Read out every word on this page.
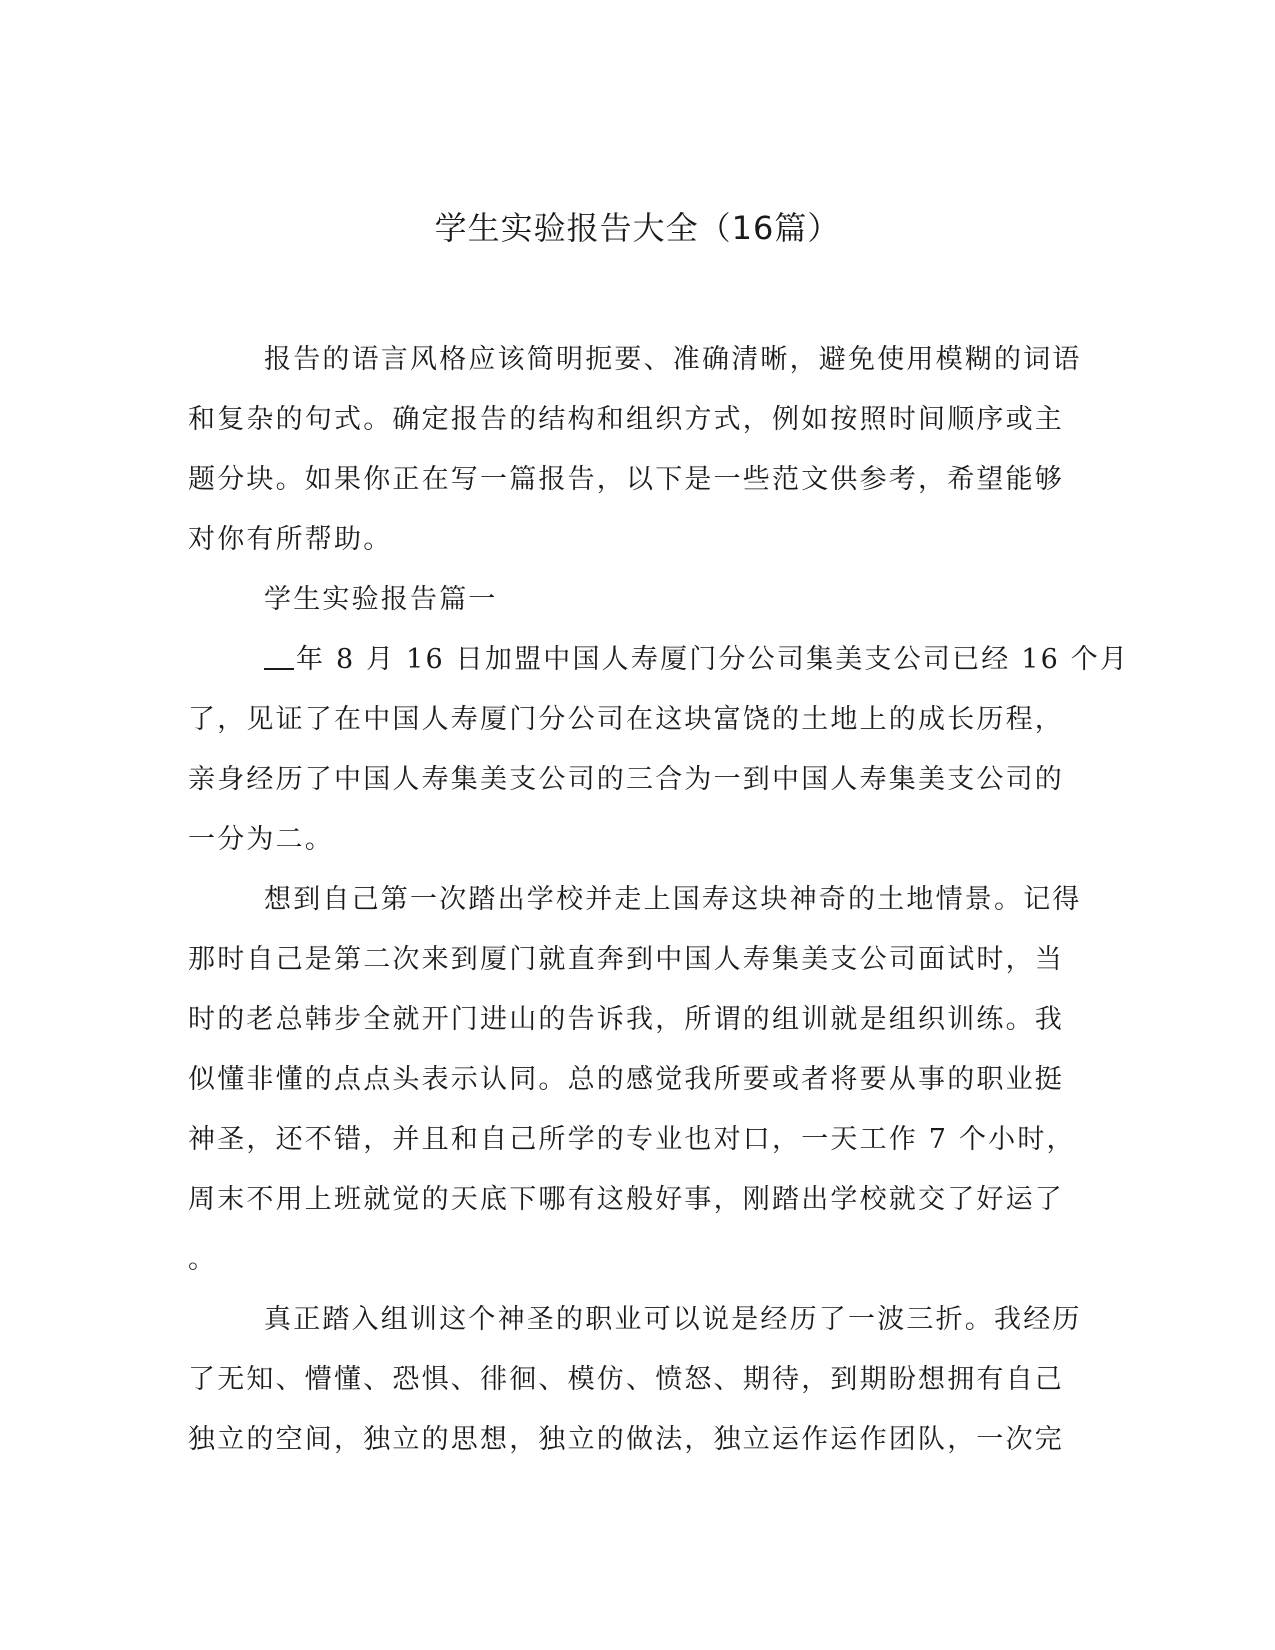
学生实验报告大全（16篇）
报告的语言风格应该简明扼要、准确清晰，避免使用模糊的词语
和复杂的句式。确定报告的结构和组织方式，例如按照时间顺序或主
题分块。如果你正在写一篇报告，以下是一些范文供参考，希望能够
对你有所帮助。
学生实验报告篇一
年 8 月 16 日加盟中国人寿厦门分公司集美支公司已经 16 个月
了，见证了在中国人寿厦门分公司在这块富饶的土地上的成长历程，
亲身经历了中国人寿集美支公司的三合为一到中国人寿集美支公司的
一分为二。
想到自己第一次踏出学校并走上国寿这块神奇的土地情景。记得
那时自己是第二次来到厦门就直奔到中国人寿集美支公司面试时，当
时的老总韩步全就开门进山的告诉我，所谓的组训就是组织训练。我
似懂非懂的点点头表示认同。总的感觉我所要或者将要从事的职业挺
神圣，还不错，并且和自己所学的专业也对口，一天工作 7 个小时，
周末不用上班就觉的天底下哪有这般好事，刚踏出学校就交了好运了
。
真正踏入组训这个神圣的职业可以说是经历了一波三折。我经历
了无知、懵懂、恐惧、徘徊、模仿、愤怒、期待，到期盼想拥有自己
独立的空间，独立的思想，独立的做法，独立运作运作团队，一次完
